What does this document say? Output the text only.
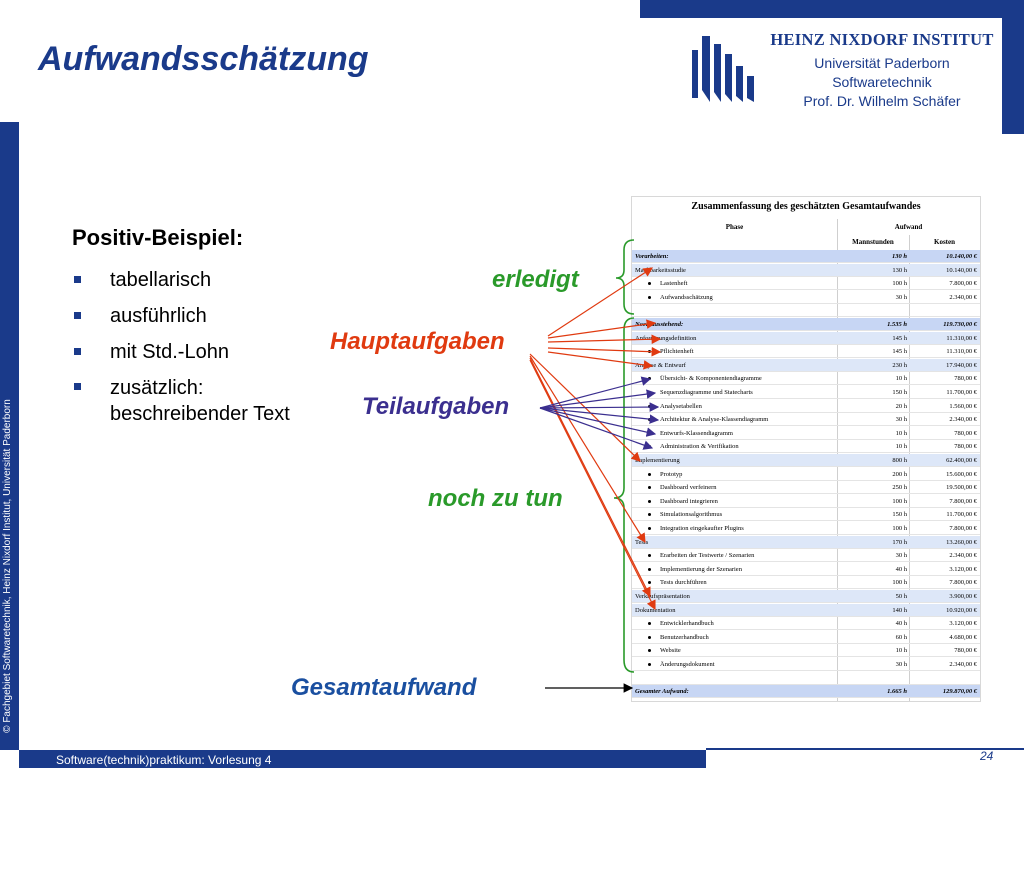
© Fachgebiet Softwaretechnik, Heinz Nixdorf Institut, Universität Paderborn
Aufwandsschätzung
HEINZ NIXDORF INSTITUT
Universität Paderborn
Softwaretechnik
Prof. Dr. Wilhelm Schäfer
Positiv-Beispiel:
tabellarisch
ausführlich
mit Std.-Lohn
zusätzlich:
beschreibender Text
erledigt
Hauptaufgaben
Teilaufgaben
noch zu tun
Gesamtaufwand
Zusammenfassung des geschätzten Gesamtaufwandes
Phase	Aufwand
Mannstunden	Kosten
Vorarbeiten:	130 h	10.140,00 €
Machbarkeitsstudie	130 h	10.140,00 €
Lastenheft	100 h	7.800,00 €
Aufwandsschätzung	30 h	2.340,00 €
Noch ausstehend:	1.535 h	119.730,00 €
Anforderungsdefinition	145 h	11.310,00 €
Pflichtenheft	145 h	11.310,00 €
Analyse & Entwurf	230 h	17.940,00 €
Übersicht- & Komponentendiagramme	10 h	780,00 €
Sequenzdiagramme und Statecharts	150 h	11.700,00 €
Analysetabellen	20 h	1.560,00 €
Architektur & Analyse-Klassendiagramm	30 h	2.340,00 €
Entwurfs-Klassendiagramm	10 h	780,00 €
Administration & Verifikation	10 h	780,00 €
Implementierung	800 h	62.400,00 €
Prototyp	200 h	15.600,00 €
Dashboard verfeinern	250 h	19.500,00 €
Dashboard integrieren	100 h	7.800,00 €
Simulationsalgorithmus	150 h	11.700,00 €
Integration eingekaufter Plugins	100 h	7.800,00 €
Tests	170 h	13.260,00 €
Erarbeiten der Testwerte / Szenarien	30 h	2.340,00 €
Implementierung der Szenarien	40 h	3.120,00 €
Tests durchführen	100 h	7.800,00 €
Verkaufspräsentation	50 h	3.900,00 €
Dokumentation	140 h	10.920,00 €
Entwicklerhandbuch	40 h	3.120,00 €
Benutzerhandbuch	60 h	4.680,00 €
Website	10 h	780,00 €
Änderungsdokument	30 h	2.340,00 €
Gesamter Aufwand:	1.665 h	129.870,00 €
Software(technik)praktikum: Vorlesung 4	24
